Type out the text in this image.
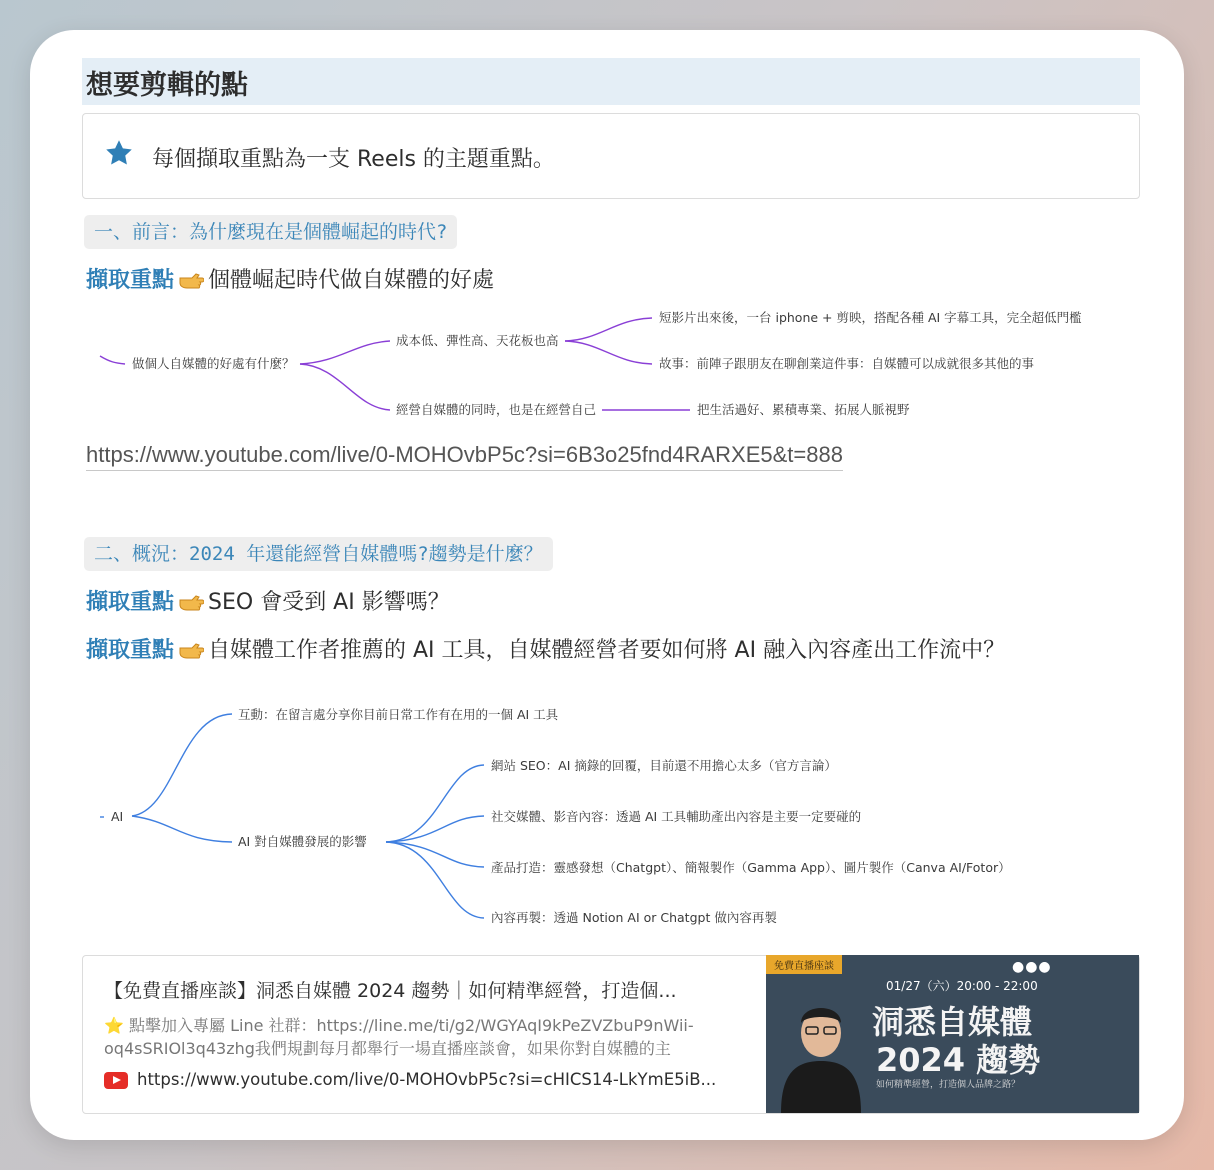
想要剪輯的點
每個擷取重點為一支 Reels 的主題重點。
一、前言：為什麼現在是個體崛起的時代?
擷取重點 個體崛起時代做自媒體的好處
做個人自媒體的好處有什麼？
成本低、彈性高、天花板也高
經營自媒體的同時，也是在經營自己
短影片出來後，一台 iphone + 剪映，搭配各種 AI 字幕工具，完全超低門檻
故事：前陣子跟朋友在聊創業這件事：自媒體可以成就很多其他的事
把生活過好、累積專業、拓展人脈視野
https://www.youtube.com/live/0-MOHOvbP5c?si=6B3o25fnd4RARXE5&t=888
二、概況：2024 年還能經營自媒體嗎?趨勢是什麼？
擷取重點 SEO 會受到 AI 影響嗎？
擷取重點 自媒體工作者推薦的 AI 工具，自媒體經營者要如何將 AI 融入內容產出工作流中？
AI
互動：在留言處分享你目前日常工作有在用的一個 AI 工具
AI 對自媒體發展的影響
網站 SEO：AI 摘錄的回覆，目前還不用擔心太多（官方言論）
社交媒體、影音內容：透過 AI 工具輔助產出內容是主要一定要碰的
產品打造：靈感發想（Chatgpt）、簡報製作（Gamma App）、圖片製作（Canva AI/Fotor）
內容再製：透過 Notion AI or Chatgpt 做內容再製
【免費直播座談】洞悉自媒體 2024 趨勢｜如何精準經營，打造個...
⭐ 點擊加入專屬 Line 社群：https://line.me/ti/g2/WGYAqI9kPeZVZbuP9nWii-oq4sSRIOl3q43zhg我們規劃每月都舉行一場直播座談會，如果你對自媒體的主
https://www.youtube.com/live/0-MOHOvbP5c?si=cHICS14-LkYmE5iB...
免費直播座談	●●●
01/27（六）20:00 - 22:00
洞悉自媒體
2024 趨勢
如何精準經營，打造個人品牌之路？
